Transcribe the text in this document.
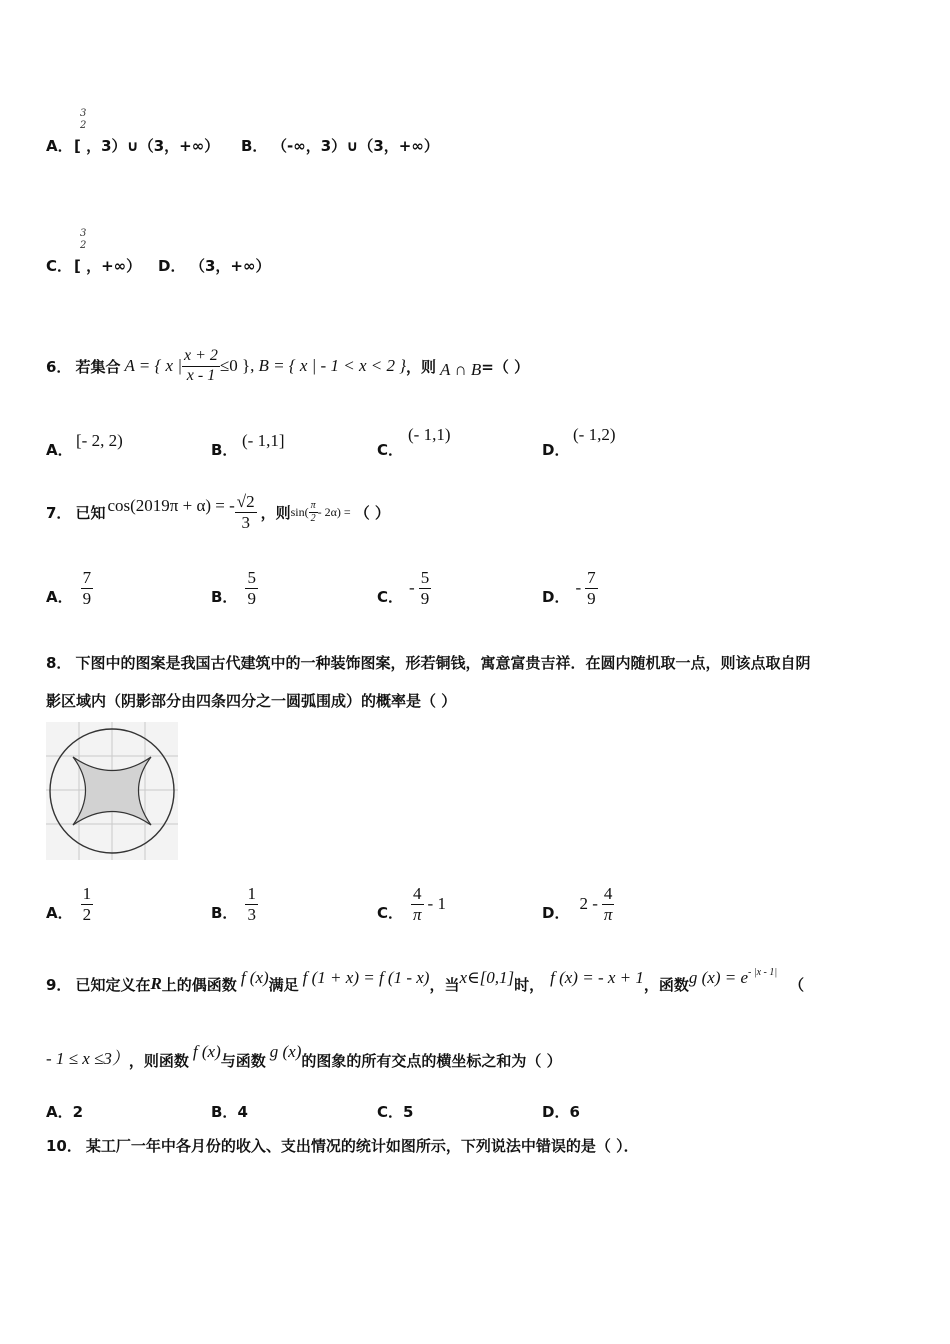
A．
3
2
[ ，3）∪（3，+∞） B． （-∞，3）∪（3，+∞）
C．
3
2
[ ，+∞） D． （3，+∞）
6． 若集合 A = { x | $\frac{x + 2}{x - 1} \le 0$ }, B = { x | - 1 < x < 2 } ，则 A ∩ B =（ ）
A． [- 2, 2)	B． (- 1,1]	C．
(- 1,1)
D．
(- 1,2)
7． 已知 cos(2019π + α) = - $\frac{√2}{3}$ ，则 $\sin( \frac{\pi}{2} - 2\alpha)$ = （ ）
A． $\frac{7}{9}$	B． $\frac{5}{9}$	C． - $\frac{5}{9}$	D． - $\frac{7}{9}$
8． 下图中的图案是我国古代建筑中的一种装饰图案，形若铜钱，寓意富贵吉祥．在圆内随机取一点，则该点取自阴
影区域内（阴影部分由四条四分之一圆弧围成）的概率是（ ）
A． $\frac{1}{2}$	B． $\frac{1}{3}$	C． $\frac{4}{\pi} - 1$	D． $2 - \frac{4}{\pi}$
9． 已知定义在 R 上的偶函数 f (x) 满足 f (1 + x) = f (1 - x) ，当 x∈[0,1] 时， f (x) = - x + 1 ，函数 g (x) = e - |x - 1|
（
- 1 ≤ x ≤3） ，则函数 f (x) 与函数 g (x) 的图象的所有交点的横坐标之和为（ ）
A．2	B．4	C．5	D．6
10． 某工厂一年中各月份的收入、支出情况的统计如图所示，下列说法中错误的是（ ）．
